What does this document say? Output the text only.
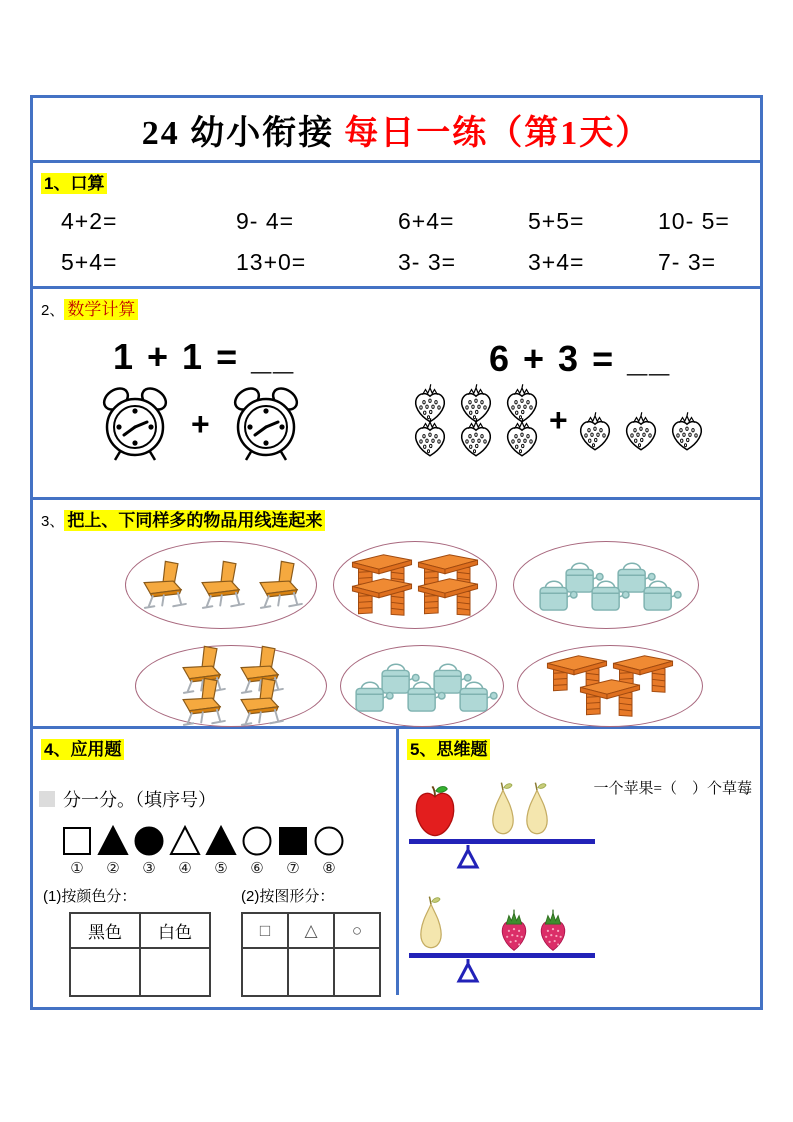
24 幼小衔接 每日一练（第1天）
1、口算
4+2=	9- 4=	6+4=	5+5=	10- 5=
5+4=	13+0=	3- 3=	3+4=	7- 3=
2、 数学计算
1 + 1 = __
+
6 + 3 = __
+
3、 把上、下同样多的物品用线连起来
4、应用题
分一分。（填序号）
① ② ③ ④ ⑤ ⑥ ⑦ ⑧
(1)按颜色分：
黑色	白色

(2)按图形分：
□	△	○

5、思维题
一个苹果=（　）个草莓
